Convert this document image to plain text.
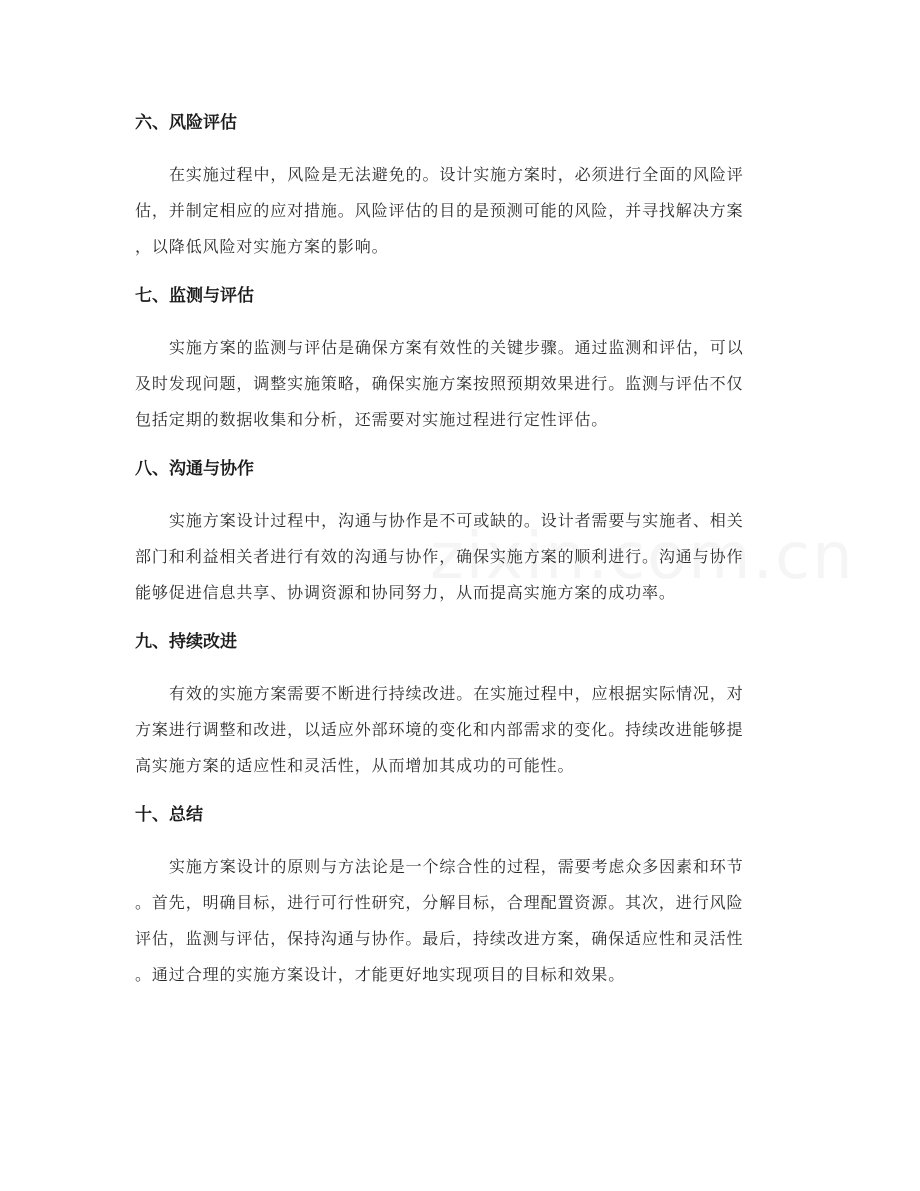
六、风险评估
在实施过程中，风险是无法避免的。设计实施方案时，必须进行全面的风险评
估，并制定相应的应对措施。风险评估的目的是预测可能的风险，并寻找解决方案
，以降低风险对实施方案的影响。
七、监测与评估
实施方案的监测与评估是确保方案有效性的关键步骤。通过监测和评估，可以
及时发现问题，调整实施策略，确保实施方案按照预期效果进行。监测与评估不仅
包括定期的数据收集和分析，还需要对实施过程进行定性评估。
八、沟通与协作
实施方案设计过程中，沟通与协作是不可或缺的。设计者需要与实施者、相关
部门和利益相关者进行有效的沟通与协作，确保实施方案的顺利进行。沟通与协作
能够促进信息共享、协调资源和协同努力，从而提高实施方案的成功率。
九、持续改进
有效的实施方案需要不断进行持续改进。在实施过程中，应根据实际情况，对
方案进行调整和改进，以适应外部环境的变化和内部需求的变化。持续改进能够提
高实施方案的适应性和灵活性，从而增加其成功的可能性。
十、总结
实施方案设计的原则与方法论是一个综合性的过程，需要考虑众多因素和环节
。首先，明确目标，进行可行性研究，分解目标，合理配置资源。其次，进行风险
评估，监测与评估，保持沟通与协作。最后，持续改进方案，确保适应性和灵活性
。通过合理的实施方案设计，才能更好地实现项目的目标和效果。
